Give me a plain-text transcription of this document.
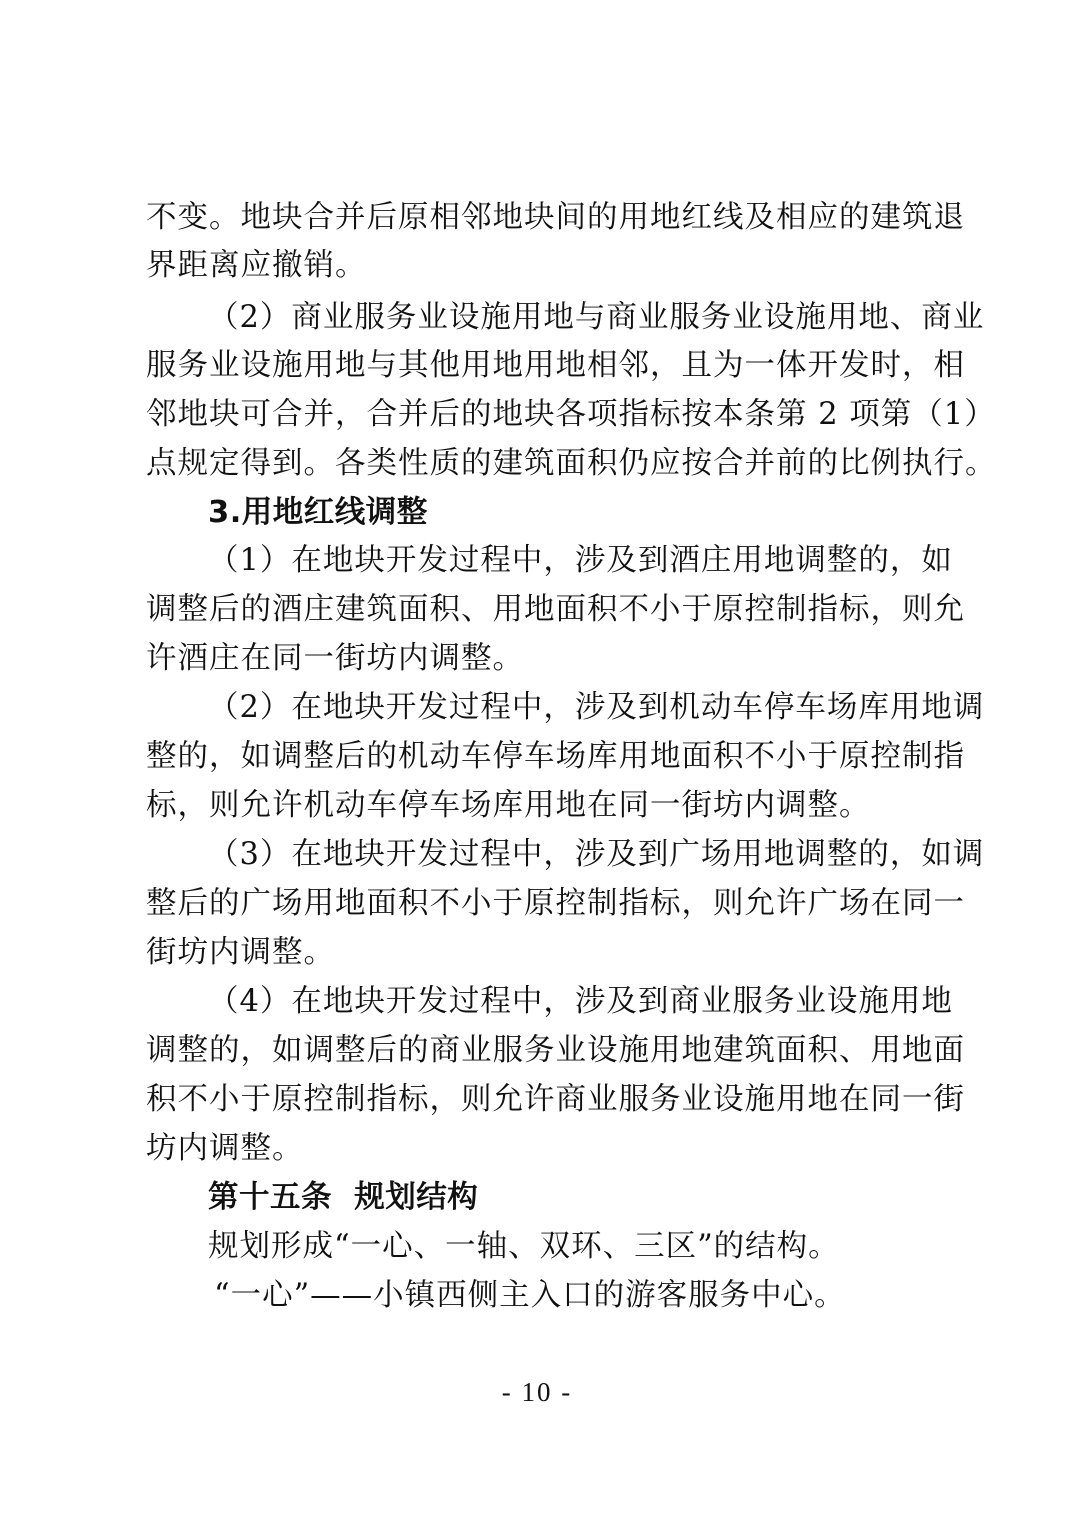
不变。地块合并后原相邻地块间的用地红线及相应的建筑退
界距离应撤销。
（2）商业服务业设施用地与商业服务业设施用地、商业
服务业设施用地与其他用地用地相邻，且为一体开发时，相
邻地块可合并，合并后的地块各项指标按本条第 2 项第（1）
点规定得到。各类性质的建筑面积仍应按合并前的比例执行。
3.用地红线调整
（1）在地块开发过程中，涉及到酒庄用地调整的，如
调整后的酒庄建筑面积、用地面积不小于原控制指标，则允
许酒庄在同一街坊内调整。
（2）在地块开发过程中，涉及到机动车停车场库用地调
整的，如调整后的机动车停车场库用地面积不小于原控制指
标，则允许机动车停车场库用地在同一街坊内调整。
（3）在地块开发过程中，涉及到广场用地调整的，如调
整后的广场用地面积不小于原控制指标，则允许广场在同一
街坊内调整。
（4）在地块开发过程中，涉及到商业服务业设施用地
调整的，如调整后的商业服务业设施用地建筑面积、用地面
积不小于原控制指标，则允许商业服务业设施用地在同一街
坊内调整。
第十五条  规划结构
规划形成“一心、一轴、双环、三区”的结构。
“一心”——小镇西侧主入口的游客服务中心。
- 10 -
